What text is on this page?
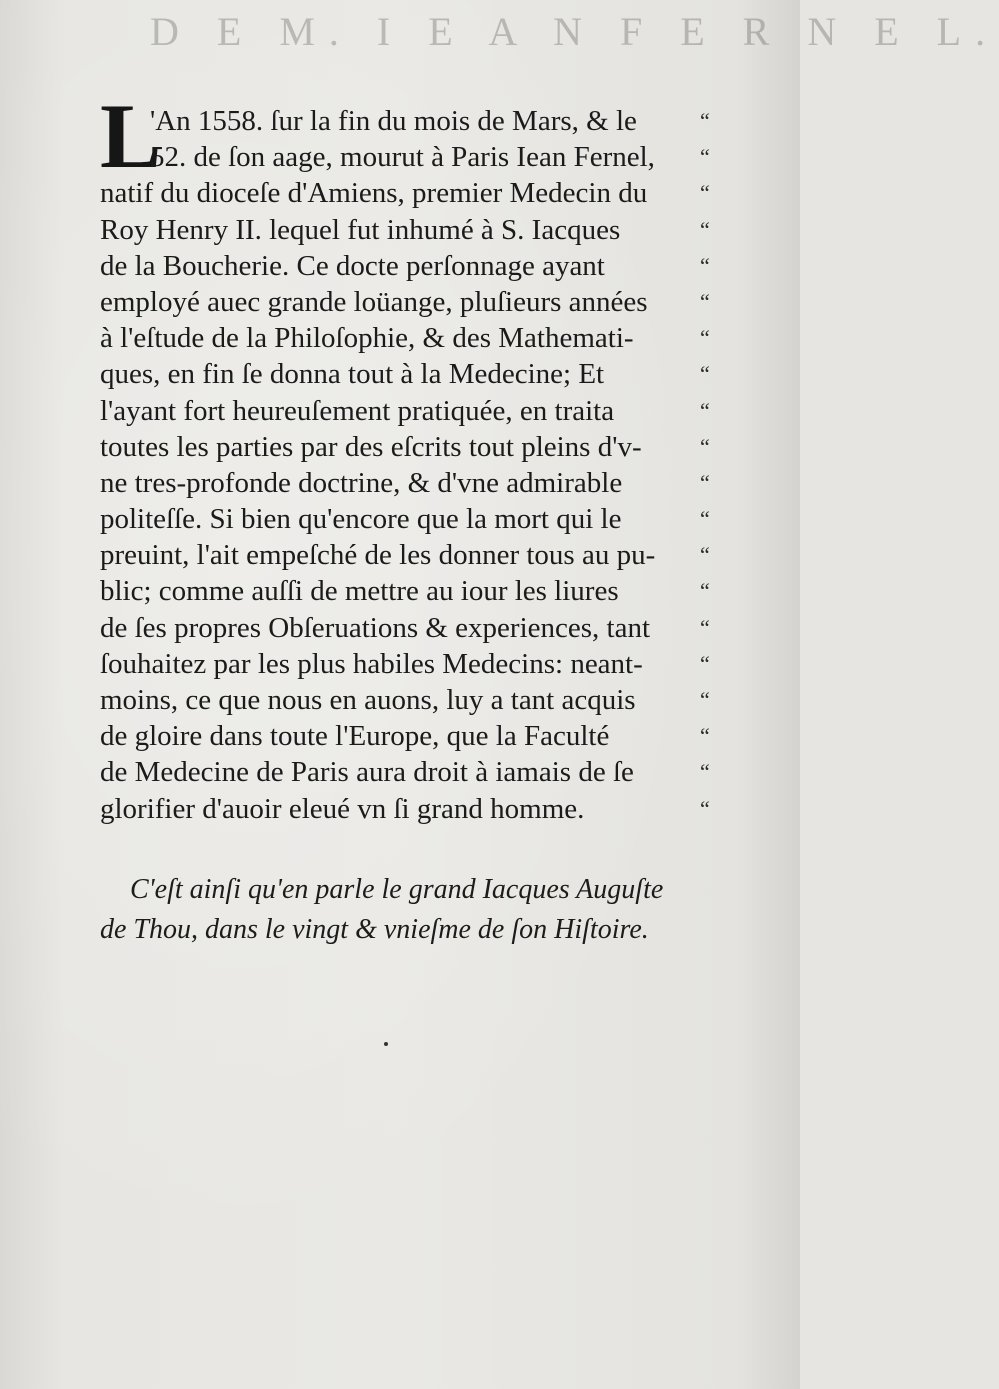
D E M. I E A N F E R N E L.
L
'An 1558. ſur la fin du mois de Mars, & le
52. de ſon aage, mourut à Paris Iean Fernel,
natif du dioceſe d'Amiens, premier Medecin du
Roy Henry II. lequel fut inhumé à S. Iacques
de la Boucherie. Ce docte perſonnage ayant
employé auec grande loüange, pluſieurs années
à l'eſtude de la Philoſophie, & des Mathemati-
ques, en fin ſe donna tout à la Medecine; Et
l'ayant fort heureuſement pratiquée, en traita
toutes les parties par des eſcrits tout pleins d'v-
ne tres-profonde doctrine, & d'vne admirable
politeſſe. Si bien qu'encore que la mort qui le
preuint, l'ait empeſché de les donner tous au pu-
blic; comme auſſi de mettre au iour les liures
de ſes propres Obſeruations & experiences, tant
ſouhaitez par les plus habiles Medecins: neant-
moins, ce que nous en auons, luy a tant acquis
de gloire dans toute l'Europe, que la Faculté
de Medecine de Paris aura droit à iamais de ſe
glorifier d'auoir eleué vn ſi grand homme.
“
“
“
“
“
“
“
“
“
“
“
“
“
“
“
“
“
“
“
“
C'eſt ainſi qu'en parle le grand Iacques Auguſte
de Thou, dans le vingt & vnieſme de ſon Hiſtoire.
